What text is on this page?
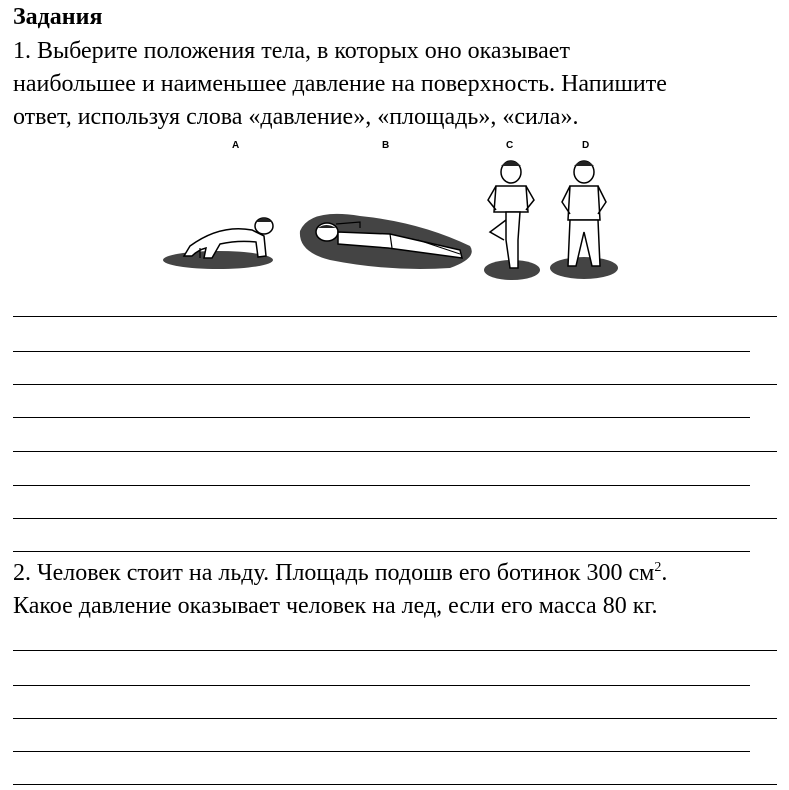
Задания

1. Выберите положения тела, в которых оно оказывает

наибольшее и наименьшее давление на поверхность. Напишите

ответ, используя слова «давление», «площадь», «сила».

A	B	C	D

2. Человек стоит на льду. Площадь подошв его ботинок 300 $см^2$.

Какое давление оказывает человек на лед, если его масса 80 кг.
